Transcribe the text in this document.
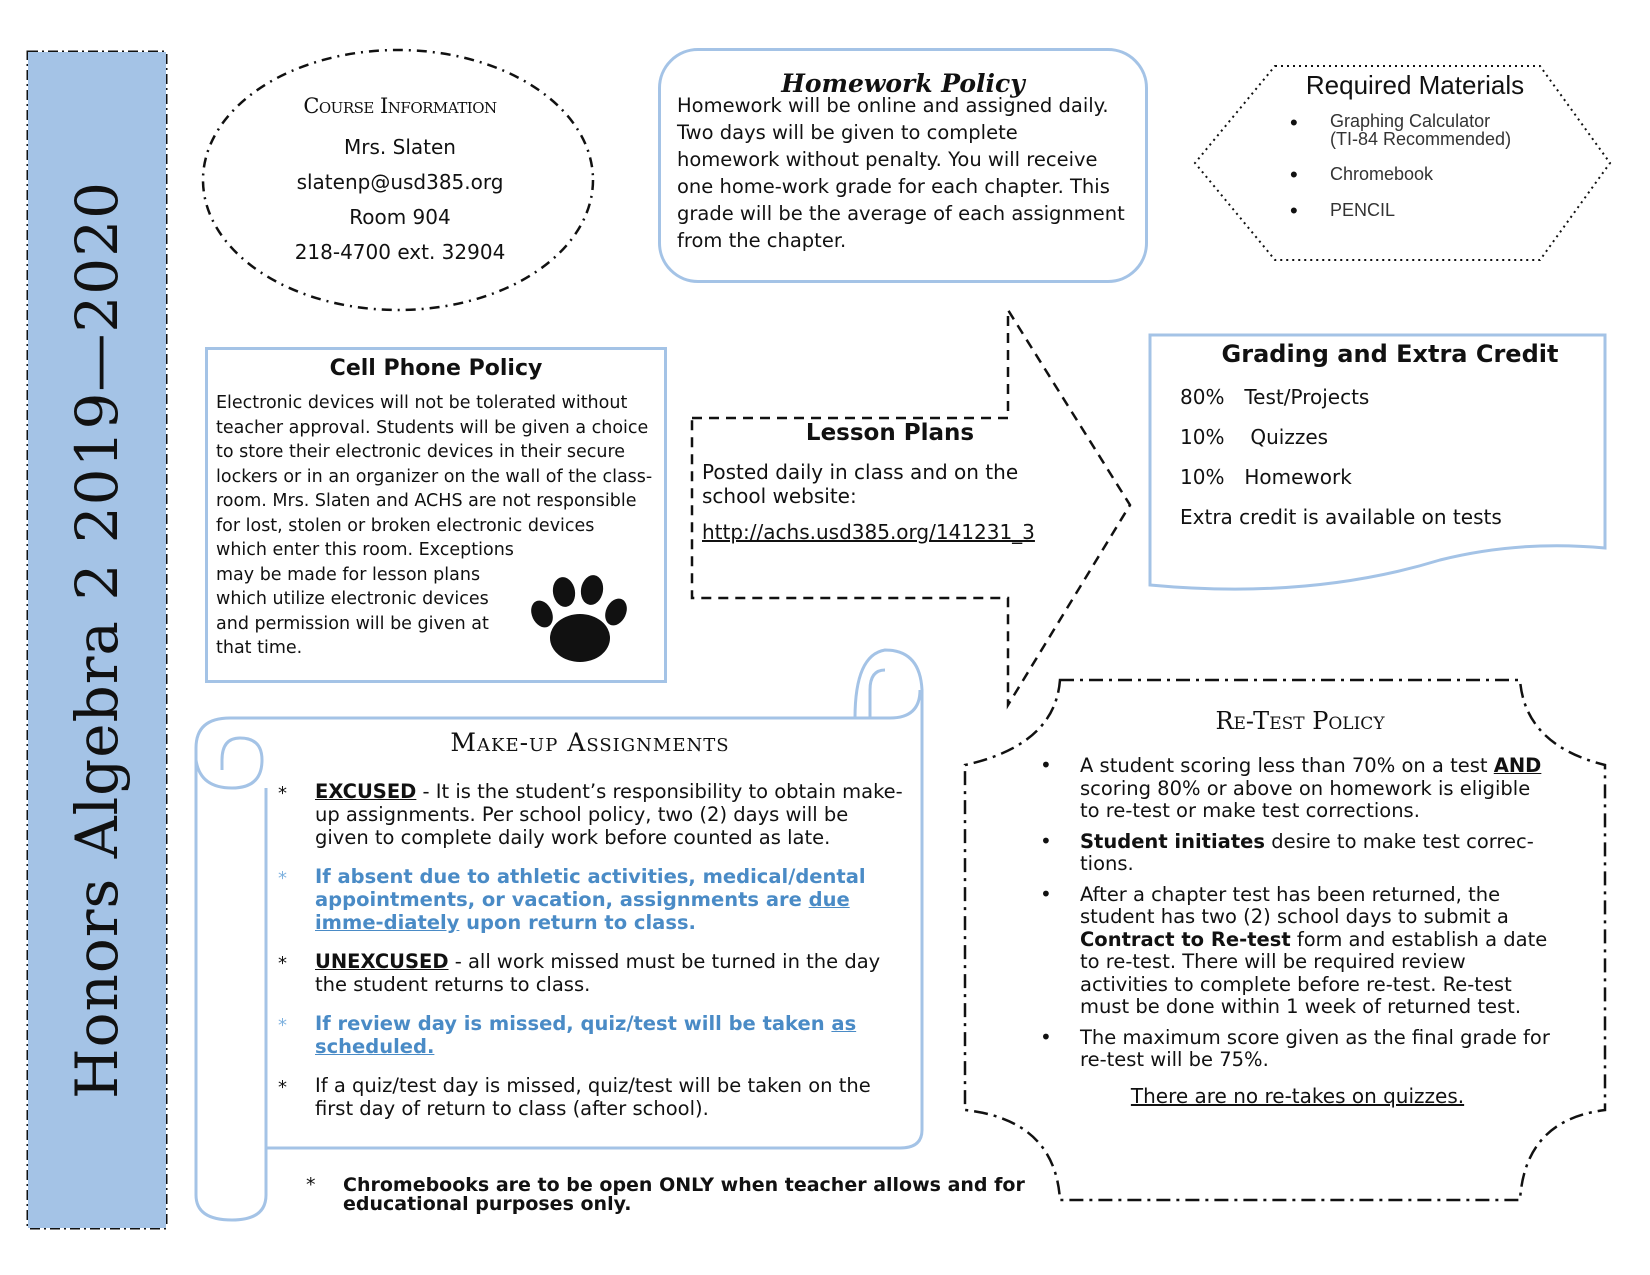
Honors Algebra 2 2019—2020
Course Information
Mrs. Slaten
slatenp@usd385.org
Room 904
218-4700 ext. 32904
Homework Policy
Homework will be online and assigned daily. Two days will be given to complete homework without penalty. You will receive one home-work grade for each chapter. This grade will be the average of each assignment from the chapter.
Required Materials
• Graphing Calculator
(TI-84 Recommended)
• Chromebook
• PENCIL
Cell Phone Policy
Electronic devices will not be tolerated without teacher approval. Students will be given a choice to store their electronic devices in their secure lockers or in an organizer on the wall of the class-room. Mrs. Slaten and ACHS are not responsible for lost, stolen or broken electronic devices
which enter this room. Exceptions may be made for lesson plans which utilize electronic devices and permission will be given at that time.
Lesson Plans
Posted daily in class and on the school website:
http://achs.usd385.org/141231_3
Grading and Extra Credit
80% Test/Projects
10% Quizzes
10% Homework
Extra credit is available on tests
Make-up Assignments
* EXCUSED - It is the student’s responsibility to obtain make-up assignments. Per school policy, two (2) days will be given to complete daily work before counted as late.
* If absent due to athletic activities, medical/dental appointments, or vacation, assignments are due imme-diately upon return to class.
* UNEXCUSED - all work missed must be turned in the day the student returns to class.
* If review day is missed, quiz/test will be taken as scheduled.
* If a quiz/test day is missed, quiz/test will be taken on the first day of return to class (after school).
*	Chromebooks are to be open ONLY when teacher allows and for educational purposes only.
Re-Test Policy
• A student scoring less than 70% on a test AND scoring 80% or above on homework is eligible to re-test or make test corrections.
• Student initiates desire to make test correc-tions.
• After a chapter test has been returned, the student has two (2) school days to submit a Contract to Re-test form and establish a date to re-test. There will be required review activities to complete before re-test. Re-test must be done within 1 week of returned test.
• The maximum score given as the final grade for re-test will be 75%.
There are no re-takes on quizzes.
